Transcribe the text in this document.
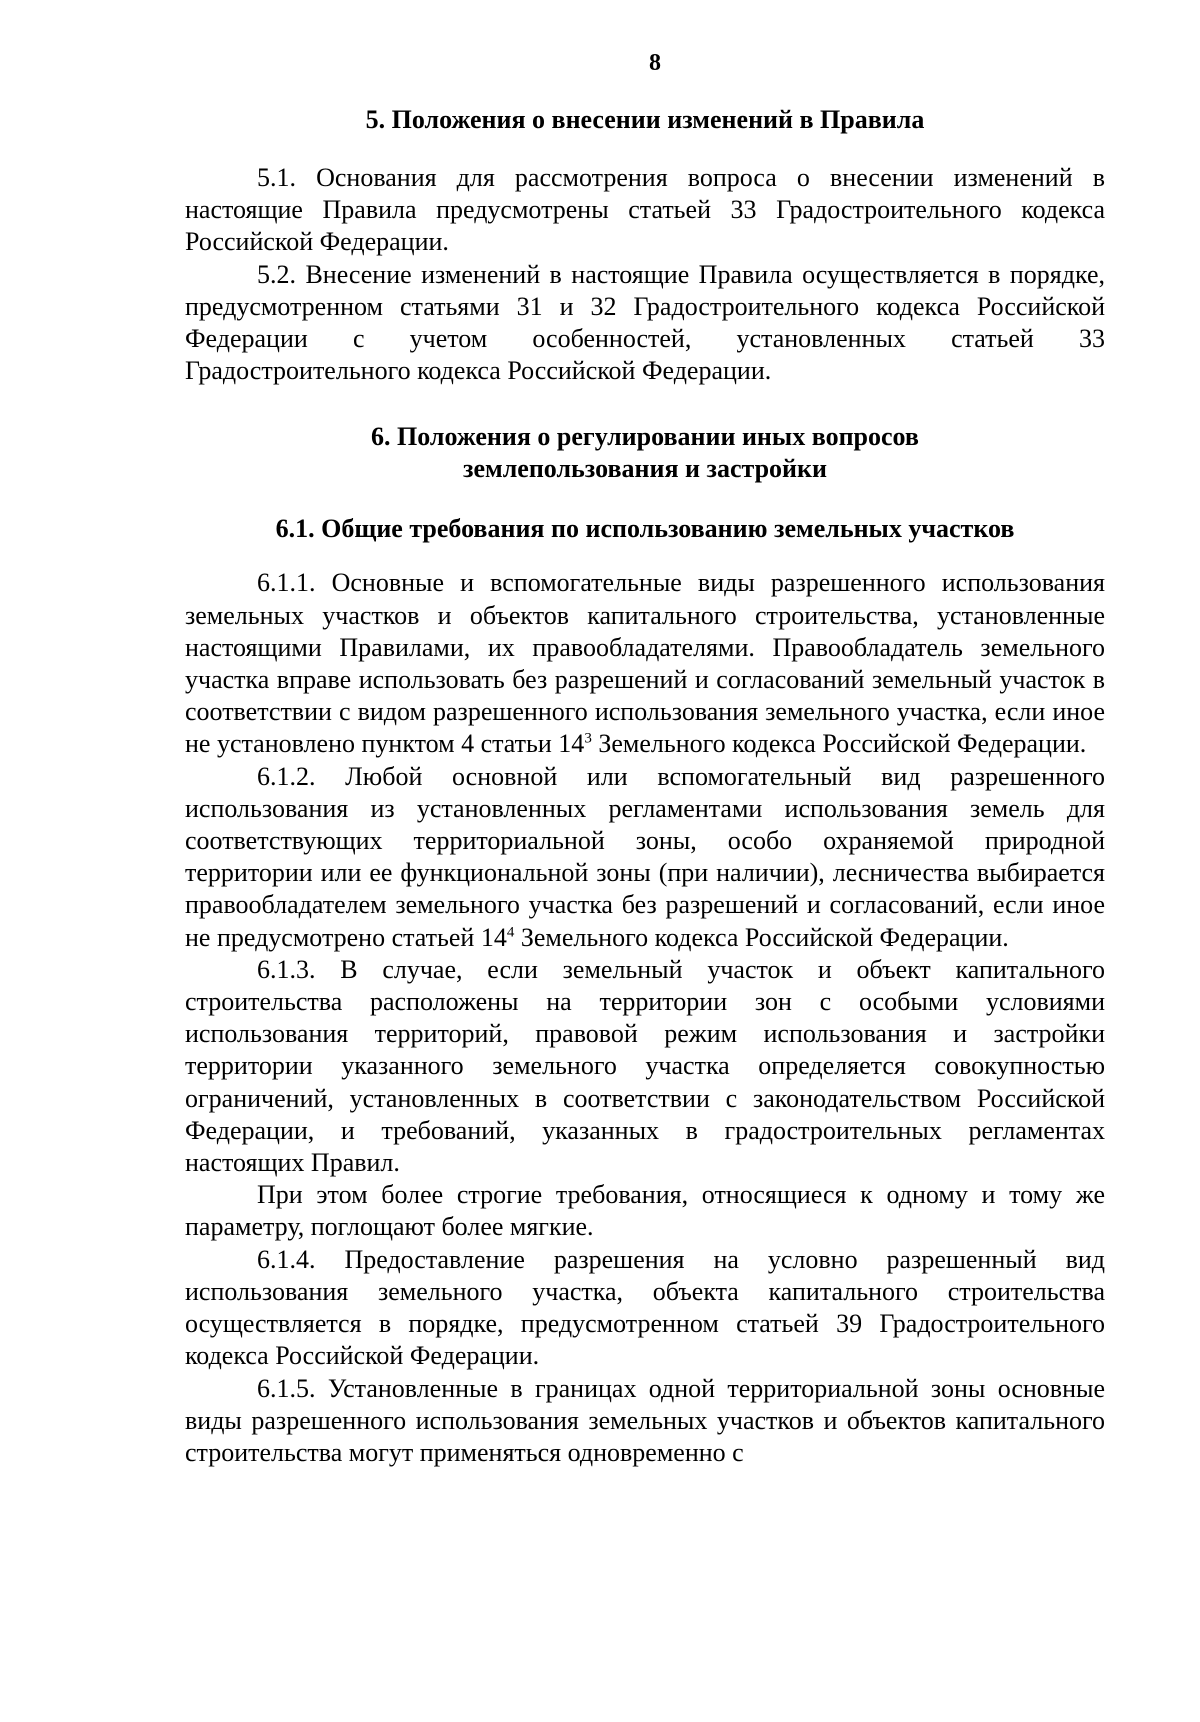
8
5. Положения о внесении изменений в Правила

5.1. Основания для рассмотрения вопроса о внесении изменений в настоящие Правила предусмотрены статьей 33 Градостроительного кодекса Российской Федерации.

5.2. Внесение изменений в настоящие Правила осуществляется в порядке, предусмотренном статьями 31 и 32 Градостроительного кодекса Российской Федерации с учетом особенностей, установленных статьей 33 Градостроительного кодекса Российской Федерации.

6. Положения о регулировании иных вопросов
землепользования и застройки
6.1. Общие требования по использованию земельных участков

6.1.1. Основные и вспомогательные виды разрешенного использования земельных участков и объектов капитального строительства, установленные настоящими Правилами, их правообладателями. Правообладатель земельного участка вправе использовать без разрешений и согласований земельный участок в соответствии с видом разрешенного использования земельного участка, если иное не установлено пунктом 4 статьи $14^3$ Земельного кодекса Российской Федерации.

6.1.2. Любой основной или вспомогательный вид разрешенного использования из установленных регламентами использования земель для соответствующих территориальной зоны, особо охраняемой природной территории или ее функциональной зоны (при наличии), лесничества выбирается правообладателем земельного участка без разрешений и согласований, если иное не предусмотрено статьей $14^4$ Земельного кодекса Российской Федерации.

6.1.3. В случае, если земельный участок и объект капитального строительства расположены на территории зон с особыми условиями использования территорий, правовой режим использования и застройки территории указанного земельного участка определяется совокупностью ограничений, установленных в соответствии с законодательством Российской Федерации, и требований, указанных в градостроительных регламентах настоящих Правил.

При этом более строгие требования, относящиеся к одному и тому же параметру, поглощают более мягкие.

6.1.4. Предоставление разрешения на условно разрешенный вид использования земельного участка, объекта капитального строительства осуществляется в порядке, предусмотренном статьей 39 Градостроительного кодекса Российской Федерации.

6.1.5. Установленные в границах одной территориальной зоны основные виды разрешенного использования земельных участков и объектов капитального строительства могут применяться одновременно с
